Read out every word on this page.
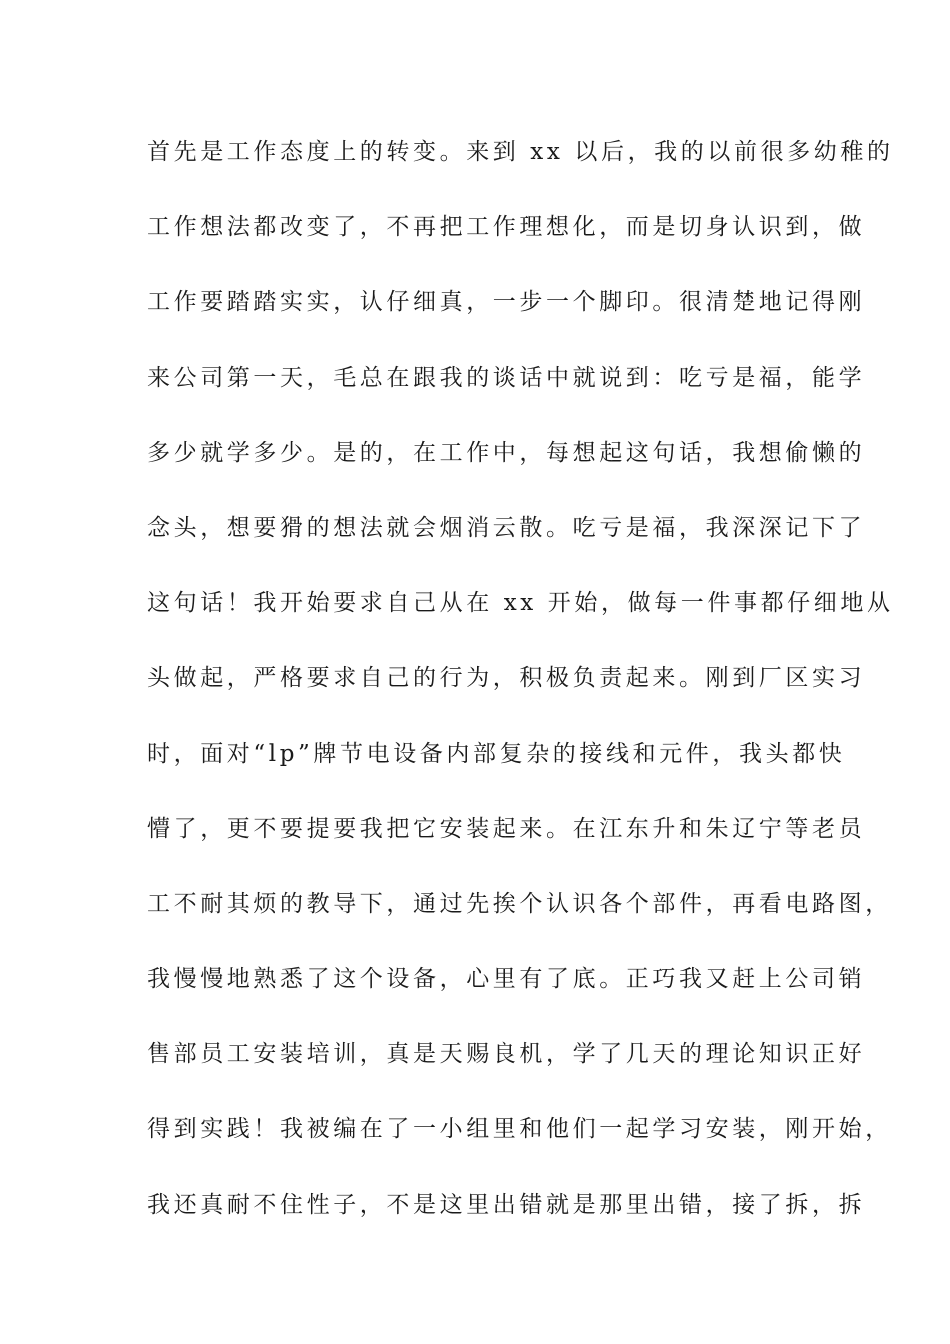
首先是工作态度上的转变。来到 xx 以后，我的以前很多幼稚的
工作想法都改变了，不再把工作理想化，而是切身认识到，做
工作要踏踏实实，认仔细真，一步一个脚印。很清楚地记得刚
来公司第一天，毛总在跟我的谈话中就说到：吃亏是福，能学
多少就学多少。是的，在工作中，每想起这句话，我想偷懒的
念头，想要猾的想法就会烟消云散。吃亏是福，我深深记下了
这句话！我开始要求自己从在 xx 开始，做每一件事都仔细地从
头做起，严格要求自己的行为，积极负责起来。刚到厂区实习
时，面对“lp”牌节电设备内部复杂的接线和元件，我头都快
懵了，更不要提要我把它安装起来。在江东升和朱辽宁等老员
工不耐其烦的教导下，通过先挨个认识各个部件，再看电路图，
我慢慢地熟悉了这个设备，心里有了底。正巧我又赶上公司销
售部员工安装培训，真是天赐良机，学了几天的理论知识正好
得到实践！我被编在了一小组里和他们一起学习安装，刚开始，
我还真耐不住性子，不是这里出错就是那里出错，接了拆，拆
